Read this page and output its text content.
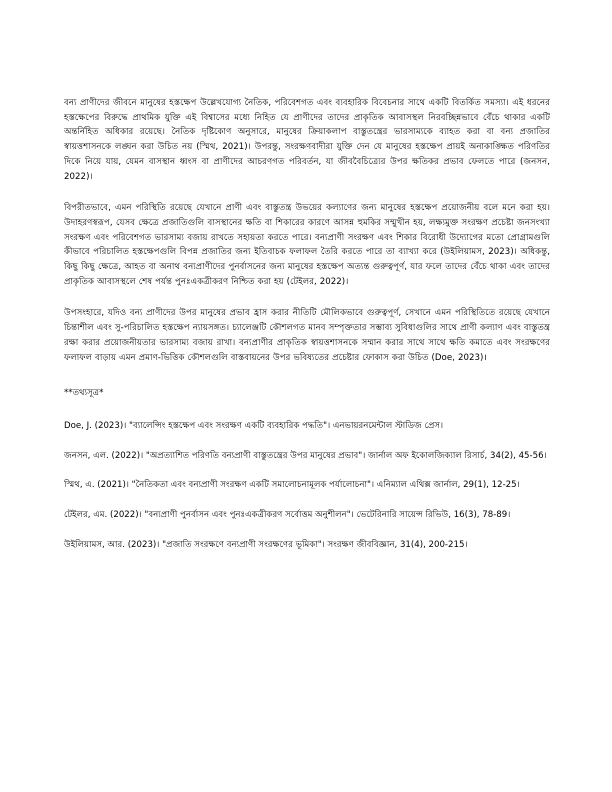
বন্য প্রাণীদের জীবনে মানুষের হস্তক্ষেপ উল্লেখযোগ্য নৈতিক, পরিবেশগত এবং ব্যবহারিক বিবেচনার সাথে একটি বিতর্কিত সমস্যা। এই ধরনের হস্তক্ষেপের বিরুদ্ধে প্রাথমিক যুক্তি এই বিশ্বাসের মধ্যে নিহিত যে প্রাণীদের তাদের প্রাকৃতিক আবাসস্থল নিরবচ্ছিন্নভাবে বেঁচে থাকার একটি অন্তর্নিহিত অধিকার রয়েছে। নৈতিক দৃষ্টিকোণ অনুসারে, মানুষের ক্রিয়াকলাপ বাস্তুতন্ত্রের ভারসাম্যকে ব্যাহত করা বা বন্য প্রজাতির স্বায়ত্তশাসনকে লঙ্ঘন করা উচিত নয় (স্মিথ, 2021)। উপরন্তু, সংরক্ষণবাদীরা যুক্তি দেন যে মানুষের হস্তক্ষেপ প্রায়ই অনাকাঙ্ক্ষিত পরিণতির দিকে নিয়ে যায়, যেমন বাসস্থান ধ্বংস বা প্রাণীদের আচরণগত পরিবর্তন, যা জীববৈচিত্র্যের উপর ক্ষতিকর প্রভাব ফেলতে পারে (জনসন, 2022)।

বিপরীতভাবে, এমন পরিস্থিতি রয়েছে যেখানে প্রাণী এবং বাস্তুতন্ত্র উভয়ের কল্যাণের জন্য মানুষের হস্তক্ষেপ প্রয়োজনীয় বলে মনে করা হয়। উদাহরণস্বরূপ, যেসব ক্ষেত্রে প্রজাতিগুলি বাসস্থানের ক্ষতি বা শিকারের কারণে আসন্ন হুমকির সম্মুখীন হয়, লক্ষ্যমুক্ত সংরক্ষণ প্রচেষ্টা জনসংখ্যা সংরক্ষণ এবং পরিবেশগত ভারসাম্য বজায় রাখতে সহায়তা করতে পারে। বন্যপ্রাণী সংরক্ষণ এবং শিকার বিরোধী উদ্যোগের মতো প্রোগ্রামগুলি কীভাবে পরিচালিত হস্তক্ষেপগুলি বিপন্ন প্রজাতির জন্য ইতিবাচক ফলাফল তৈরি করতে পারে তা ব্যাখ্যা করে (উইলিয়ামস, 2023)। অধিকন্তু, কিছু কিছু ক্ষেত্রে, আহত বা অনাথ বন্যপ্রাণীদের পুনর্বাসনের জন্য মানুষের হস্তক্ষেপ অত্যন্ত গুরুত্বপূর্ণ, যার ফলে তাদের বেঁচে থাকা এবং তাদের প্রাকৃতিক আবাসস্থলে শেষ পর্যন্ত পুনঃএকত্রীকরণ নিশ্চিত করা হয় (টেইলর, 2022)।

উপসংহারে, যদিও বন্য প্রাণীদের উপর মানুষের প্রভাব হ্রাস করার নীতিটি মৌলিকভাবে গুরুত্বপূর্ণ, সেখানে এমন পরিস্থিতিতে রয়েছে যেখানে চিন্তাশীল এবং সু-পরিচালিত হস্তক্ষেপ ন্যায়সঙ্গত। চ্যালেঞ্জটি কৌশলগত মানব সম্পৃক্ততার সম্ভাব্য সুবিধাগুলির সাথে প্রাণী কল্যাণ এবং বাস্তুতন্ত্র রক্ষা করার প্রয়োজনীয়তার ভারসাম্য বজায় রাখা। বন্যপ্রাণীর প্রাকৃতিক স্বায়ত্তশাসনকে সম্মান করার সাথে সাথে ক্ষতি কমাতে এবং সংরক্ষণের ফলাফল বাড়ায় এমন প্রমাণ-ভিত্তিক কৌশলগুলি বাস্তবায়নের উপর ভবিষ্যতের প্রচেষ্টার ফোকাস করা উচিত (Doe, 2023)।

**তথ্যসূত্র*

Doe, J. (2023)। "ব্যালেন্সিং হস্তক্ষেপ এবং সংরক্ষণ একটি ব্যবহারিক পদ্ধতি"। এনভায়রনমেন্টাল স্টাডিজ প্রেস।

জনসন, এল. (2022)। "অপ্রত্যাশিত পরিণতি বন্যপ্রাণী বাস্তুতন্ত্রের উপর মানুষের প্রভাব"। জার্নাল অফ ইকোলজিক্যাল রিসার্চ, 34(2), 45-56।

স্মিথ, এ. (2021)। "নৈতিকতা এবং বন্যপ্রাণী সংরক্ষণ একটি সমালোচনামূলক পর্যালোচনা"। এনিম্যাল এথিক্স জার্নাল, 29(1), 12-25।

টেইলর, এম. (2022)। "বন্যপ্রাণী পুনর্বাসন এবং পুনঃএকত্রীকরণ সর্বোত্তম অনুশীলন"। ভেটেরিনারি সায়েন্স রিভিউ, 16(3), 78-89।

উইলিয়ামস, আর. (2023)। "প্রজাতি সংরক্ষণে বন্যপ্রাণী সংরক্ষণের ভূমিকা"। সংরক্ষণ জীববিজ্ঞান, 31(4), 200-215।
